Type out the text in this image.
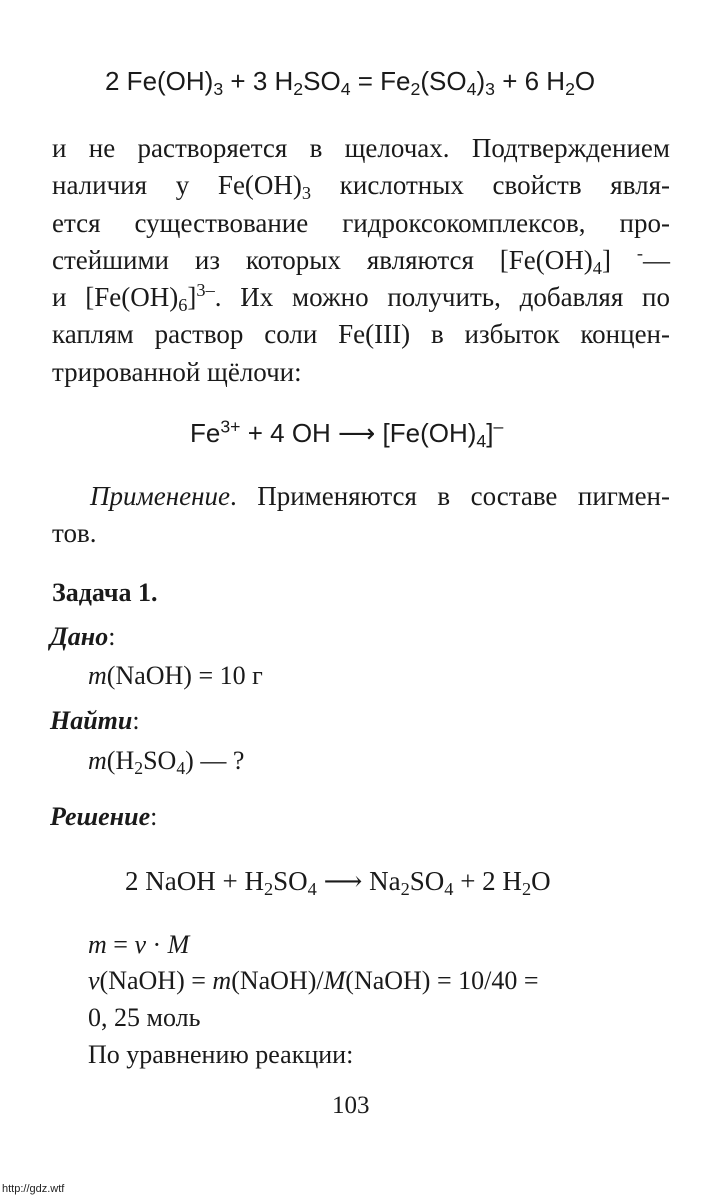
2 $Fe(OH)_3 + 3$ $H_2SO_4 = Fe_2(SO_4)_3 + 6$ $H_2O$
и не растворяется в щелочах. Подтверждением
наличия у $Fe(OH)_3$ кислотных свойств явля-
ется существование гидроксокомплексов, про-
стейшими из которых являются $[Fe(OH)_4]$ -—
и $[Fe(OH)_6]^{3-}$. Их можно получить, добавляя по
каплям раствор соли Fe(III) в избыток концен-
трированной щёлочи:
$Fe^{3+} + 4$ OH ⟶ $[Fe(OH)_4]^-$
Применение. Применяются в составе пигмен-
тов.
Задача 1.
Дано:
m(NaOH) = 10 г
Найти:
$m(H_2SO_4)$ — ?
Решение:
2 NaOH + $H_2SO_4$ ⟶ $Na_2SO_4 + 2$ $H_2O$
m = ν · M
ν(NaOH) = m(NaOH)/M(NaOH) = 10/40 =
0, 25 моль
По уравнению реакции:
103
http://gdz.wtf
